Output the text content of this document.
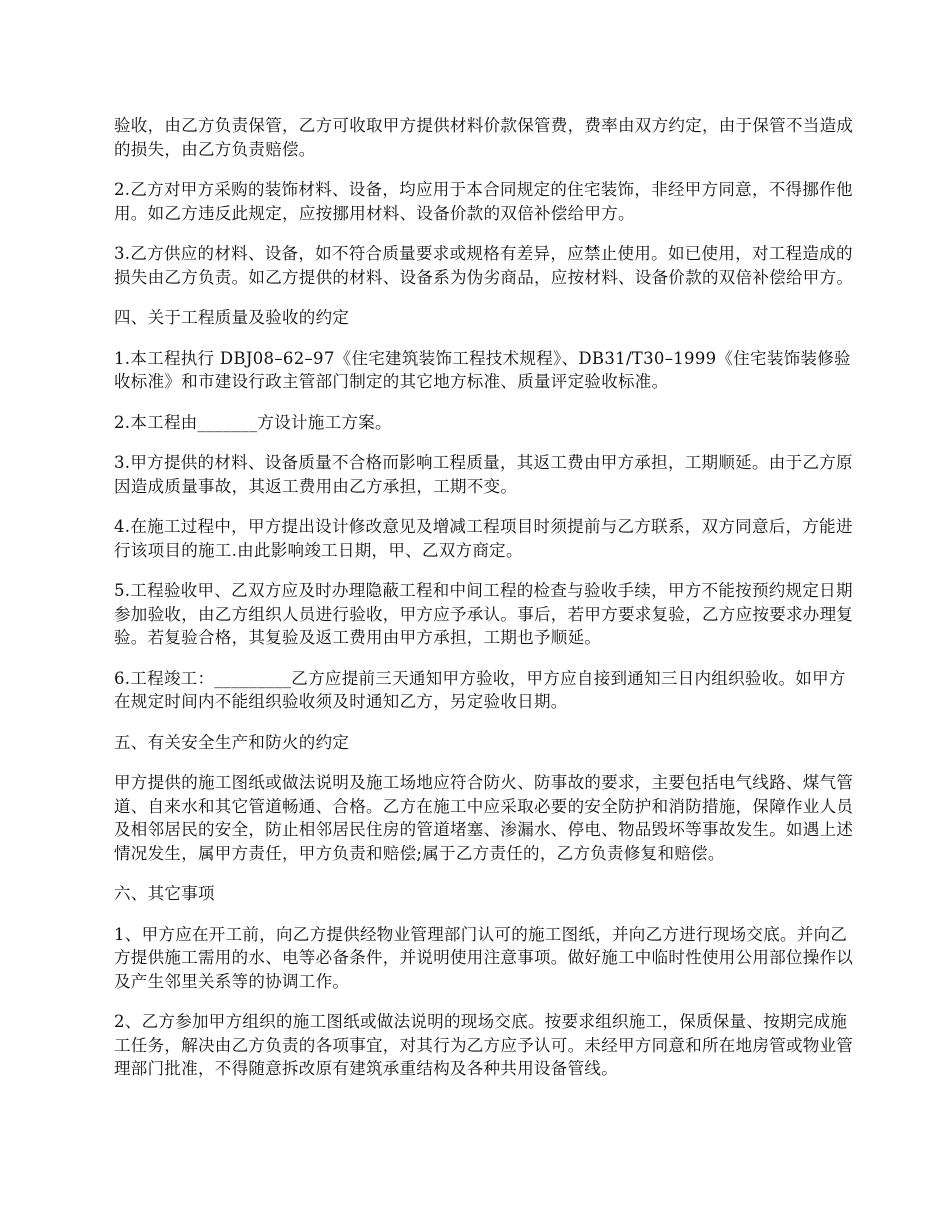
验收，由乙方负责保管，乙方可收取甲方提供材料价款保管费，费率由双方约定，由于保管不当造成的损失，由乙方负责赔偿。

2.乙方对甲方采购的装饰材料、设备，均应用于本合同规定的住宅装饰，非经甲方同意，不得挪作他用。如乙方违反此规定，应按挪用材料、设备价款的双倍补偿给甲方。

3.乙方供应的材料、设备，如不符合质量要求或规格有差异，应禁止使用。如已使用，对工程造成的损失由乙方负责。如乙方提供的材料、设备系为伪劣商品，应按材料、设备价款的双倍补偿给甲方。

四、关于工程质量及验收的约定

1.本工程执行 DBJ08–62–97《住宅建筑装饰工程技术规程》、DB31/T30–1999《住宅装饰装修验收标准》和市建设行政主管部门制定的其它地方标准、质量评定验收标准。

2.本工程由_______方设计施工方案。

3.甲方提供的材料、设备质量不合格而影响工程质量，其返工费由甲方承担，工期顺延。由于乙方原因造成质量事故，其返工费用由乙方承担，工期不变。

4.在施工过程中，甲方提出设计修改意见及增减工程项目时须提前与乙方联系，双方同意后，方能进行该项目的施工.由此影响竣工日期，甲、乙双方商定。

5.工程验收甲、乙双方应及时办理隐蔽工程和中间工程的检查与验收手续，甲方不能按预约规定日期参加验收，由乙方组织人员进行验收，甲方应予承认。事后，若甲方要求复验，乙方应按要求办理复验。若复验合格，其复验及返工费用由甲方承担，工期也予顺延。

6.工程竣工：_________乙方应提前三天通知甲方验收，甲方应自接到通知三日内组织验收。如甲方在规定时间内不能组织验收须及时通知乙方，另定验收日期。

五、有关安全生产和防火的约定

甲方提供的施工图纸或做法说明及施工场地应符合防火、防事故的要求，主要包括电气线路、煤气管道、自来水和其它管道畅通、合格。乙方在施工中应采取必要的安全防护和消防措施，保障作业人员及相邻居民的安全，防止相邻居民住房的管道堵塞、渗漏水、停电、物品毁坏等事故发生。如遇上述情况发生，属甲方责任，甲方负责和赔偿;属于乙方责任的，乙方负责修复和赔偿。

六、其它事项

1、甲方应在开工前，向乙方提供经物业管理部门认可的施工图纸，并向乙方进行现场交底。并向乙方提供施工需用的水、电等必备条件，并说明使用注意事项。做好施工中临时性使用公用部位操作以及产生邻里关系等的协调工作。

2、乙方参加甲方组织的施工图纸或做法说明的现场交底。按要求组织施工，保质保量、按期完成施工任务，解决由乙方负责的各项事宜，对其行为乙方应予认可。未经甲方同意和所在地房管或物业管理部门批准，不得随意拆改原有建筑承重结构及各种共用设备管线。
